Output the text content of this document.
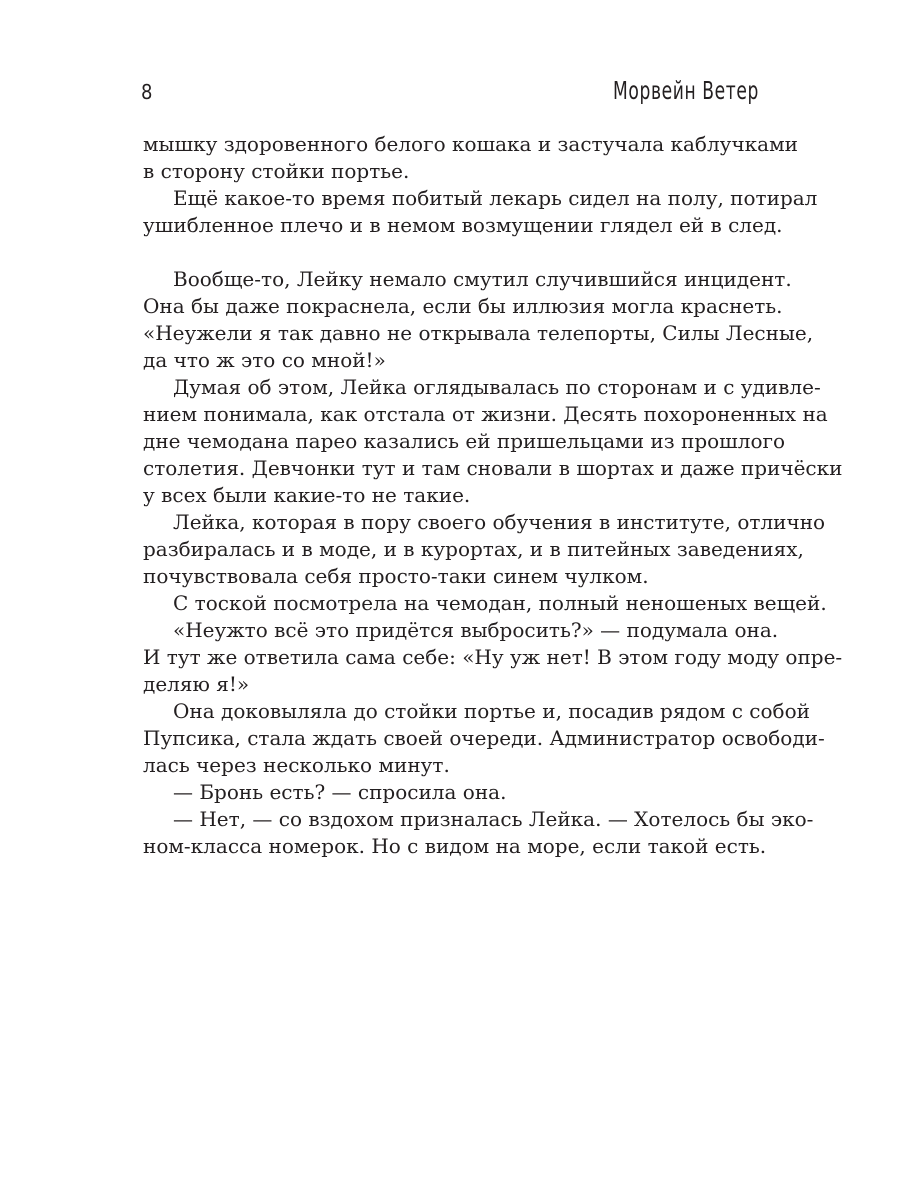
8	Морвейн Ветер
мышку здоровенного белого кошака и застучала каблучками
в сторону стойки портье.
Ещё какое-то время побитый лекарь сидел на полу, потирал
ушибленное плечо и в немом возмущении глядел ей в след.
Вообще-то, Лейку немало смутил случившийся инцидент.
Она бы даже покраснела, если бы иллюзия могла краснеть.
«Неужели я так давно не открывала телепорты, Силы Лесные,
да что ж это со мной!»
Думая об этом, Лейка оглядывалась по сторонам и с удивле-
нием понимала, как отстала от жизни. Десять похороненных на
дне чемодана парео казались ей пришельцами из прошлого
столетия. Девчонки тут и там сновали в шортах и даже причёски
у всех были какие-то не такие.
Лейка, которая в пору своего обучения в институте, отлично
разбиралась и в моде, и в курортах, и в питейных заведениях,
почувствовала себя просто-таки синем чулком.
С тоской посмотрела на чемодан, полный неношеных вещей.
«Неужто всё это придётся выбросить?» — подумала она.
И тут же ответила сама себе: «Ну уж нет! В этом году моду опре-
деляю я!»
Она доковыляла до стойки портье и, посадив рядом с собой
Пупсика, стала ждать своей очереди. Администратор освободи-
лась через несколько минут.
— Бронь есть? — спросила она.
— Нет, — со вздохом призналась Лейка. — Хотелось бы эко-
ном-класса номерок. Но с видом на море, если такой есть.
